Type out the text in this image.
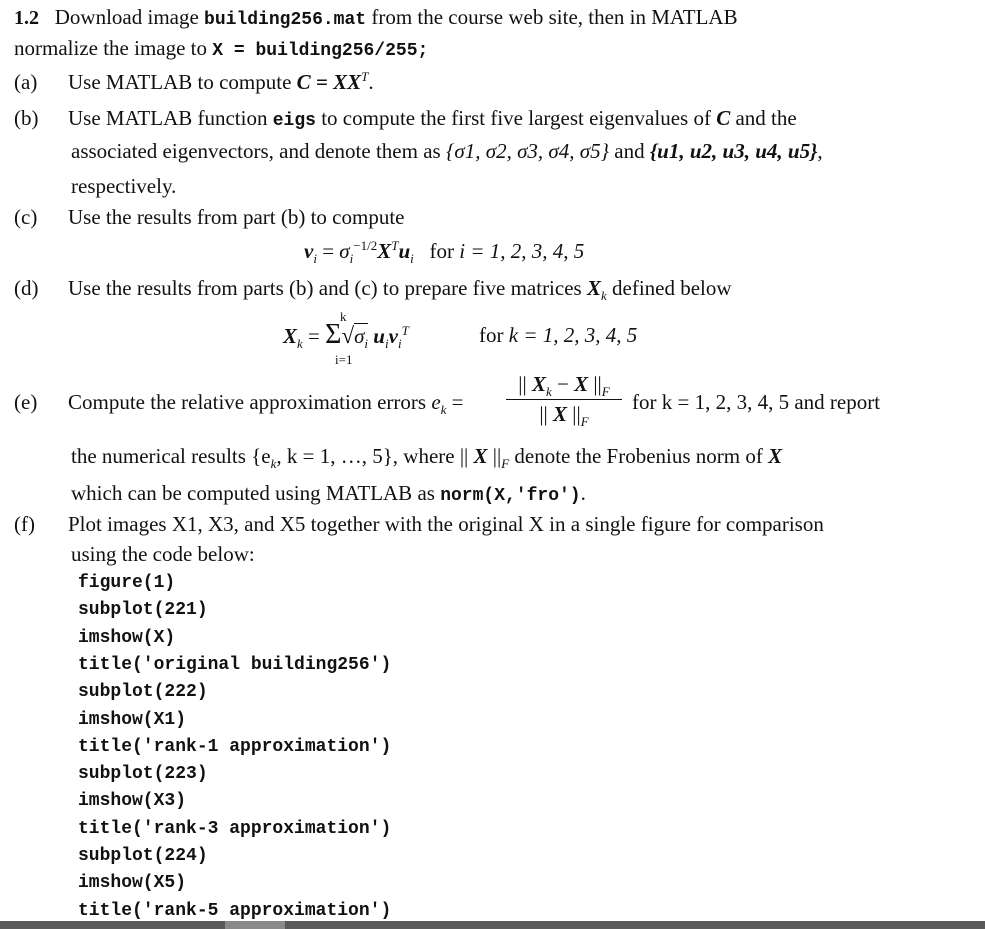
1.2 Download image building256.mat from the course web site, then in MATLAB
normalize the image to X = building256/255;
(a) Use MATLAB to compute $C = XX^T$.
(b) Use MATLAB function eigs to compute the first five largest eigenvalues of C and the
associated eigenvectors, and denote them as {σ1, σ2, σ3, σ4, σ5} and {u1, u2, u3, u4, u5},
respectively.
(c) Use the results from part (b) to compute
$v_i = \sigma_i^{-1/2}X^Tu_i$ for i = 1, 2, 3, 4, 5
(d) Use the results from parts (b) and (c) to prepare five matrices $X_k$ defined below
k
$X_k = \Sigma√\sigma_i$ $u_iv_i^T$
i=1
for k = 1, 2, 3, 4, 5
(e) Compute the relative approximation errors $e_k$ =
|| $X_k - X$ $||_F$
|| X $||_F$
for k = 1, 2, 3, 4, 5 and report
the numerical results {$e_k$, k = 1, …, 5}, where || X $||_F$ denote the Frobenius norm of X
which can be computed using MATLAB as norm(X,'fro').
(f) Plot images X1, X3, and X5 together with the original X in a single figure for comparison
using the code below:
figure(1)
subplot(221)
imshow(X)
title('original building256')
subplot(222)
imshow(X1)
title('rank-1 approximation')
subplot(223)
imshow(X3)
title('rank-3 approximation')
subplot(224)
imshow(X5)
title('rank-5 approximation')
